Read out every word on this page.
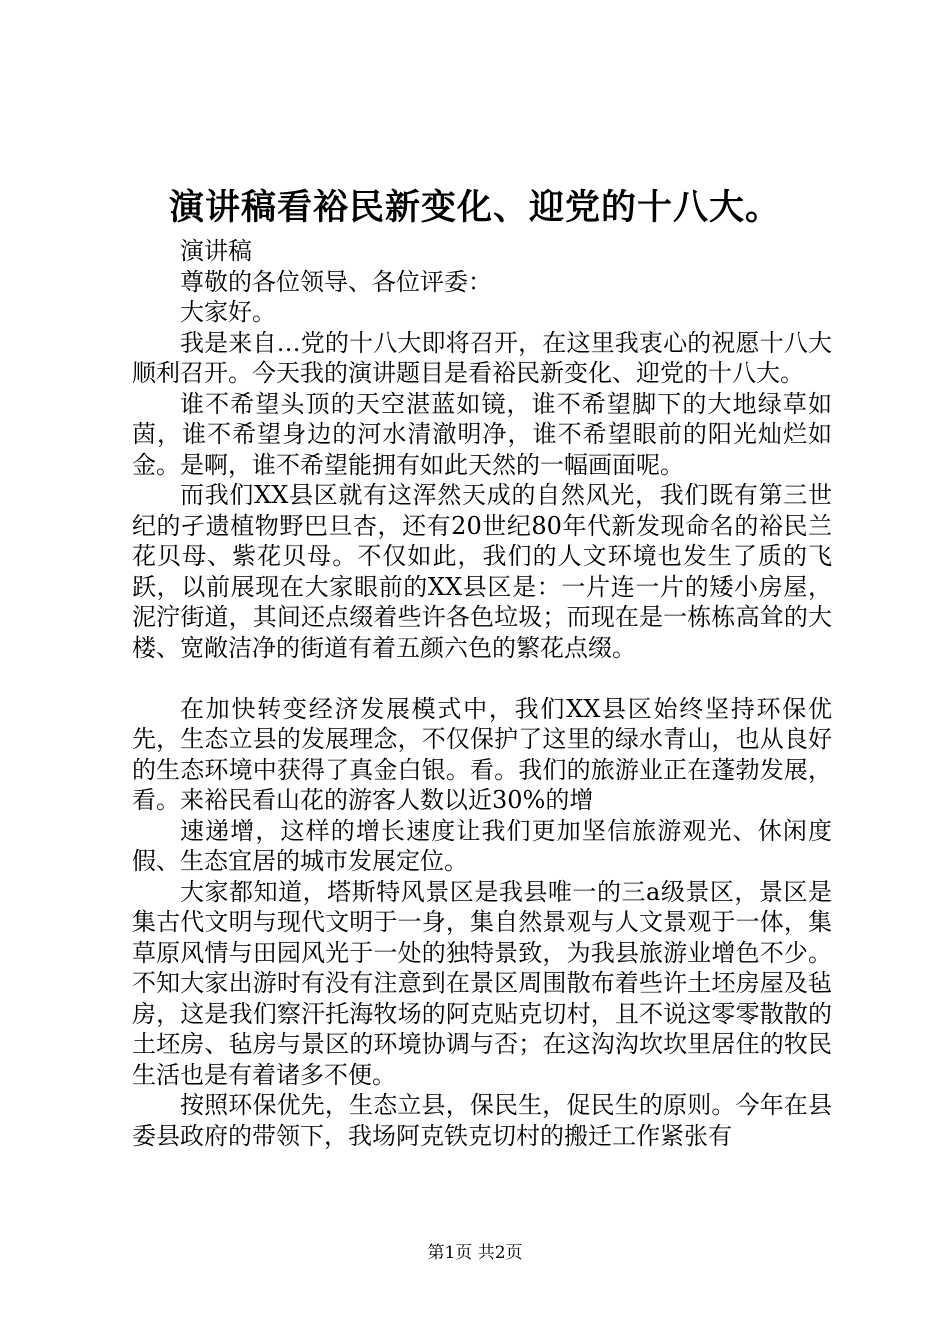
演讲稿看裕民新变化、迎党的十八大。

演讲稿

尊敬的各位领导、各位评委：

大家好。

我是来自…党的十八大即将召开，在这里我衷心的祝愿十八大顺利召开。今天我的演讲题目是看裕民新变化、迎党的十八大。

谁不希望头顶的天空湛蓝如镜，谁不希望脚下的大地绿草如茵，谁不希望身边的河水清澈明净，谁不希望眼前的阳光灿烂如金。是啊，谁不希望能拥有如此天然的一幅画面呢。

而我们XX县区就有这浑然天成的自然风光，我们既有第三世纪的孑遗植物野巴旦杏，还有20世纪80年代新发现命名的裕民兰花贝母、紫花贝母。不仅如此，我们的人文环境也发生了质的飞跃，以前展现在大家眼前的XX县区是：一片连一片的矮小房屋，泥泞街道，其间还点缀着些许各色垃圾；而现在是一栋栋高耸的大楼、宽敞洁净的街道有着五颜六色的繁花点缀。

在加快转变经济发展模式中，我们XX县区始终坚持环保优先，生态立县的发展理念，不仅保护了这里的绿水青山，也从良好的生态环境中获得了真金白银。看。我们的旅游业正在蓬勃发展，看。来裕民看山花的游客人数以近30%的增

速递增，这样的增长速度让我们更加坚信旅游观光、休闲度假、生态宜居的城市发展定位。

大家都知道，塔斯特风景区是我县唯一的三a级景区，景区是集古代文明与现代文明于一身，集自然景观与人文景观于一体，集草原风情与田园风光于一处的独特景致，为我县旅游业增色不少。不知大家出游时有没有注意到在景区周围散布着些许土坯房屋及毡房，这是我们察汗托海牧场的阿克贴克切村，且不说这零零散散的土坯房、毡房与景区的环境协调与否；在这沟沟坎坎里居住的牧民生活也是有着诸多不便。

按照环保优先，生态立县，保民生，促民生的原则。今年在县委县政府的带领下，我场阿克铁克切村的搬迁工作紧张有

第1页 共2页
